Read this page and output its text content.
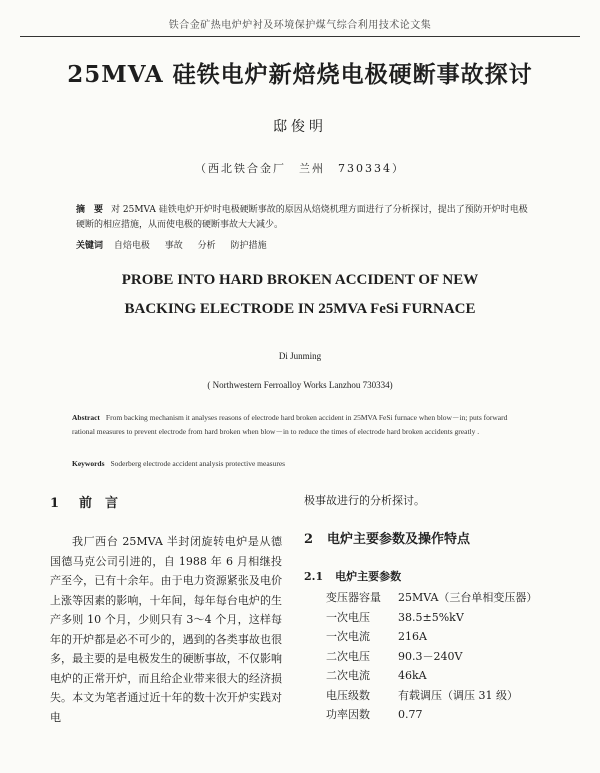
铁合金矿热电炉炉衬及环境保护煤气综合利用技术论文集
25MVA 硅铁电炉新焙烧电极硬断事故探讨
邸俊明
（西北铁合金厂　兰州　730334）
摘　要 对 25MVA 硅铁电炉开炉时电极硬断事故的原因从焙烧机理方面进行了分析探讨，提出了预防开炉时电极硬断的相应措施，从而使电极的硬断事故大大减少。
关键词 自焙电极 事故 分析 防护措施
PROBE INTO HARD BROKEN ACCIDENT OF NEW
BACKING ELECTRODE IN 25MVA FeSi FURNACE
Di Junming
( Northwestern Ferroalloy Works Lanzhou 730334)
Abstract From backing mechanism it analyses reasons of electrode hard broken accident in 25MVA FeSi furnace when blow－in; puts forward rational measures to prevent electrode from hard broken when blow－in to reduce the times of electrode hard broken accidents greatly .
Keywords Soderberg electrode accident analysis protective measures
1 前　言

我厂西台 25MVA 半封闭旋转电炉是从德国德马克公司引进的，自 1988 年 6 月相继投产至今，已有十余年。由于电力资源紧张及电价上涨等因素的影响，十年间，每年每台电炉的生产多则 10 个月，少则只有 3～4 个月，这样每年的开炉都是必不可少的，遇到的各类事故也很多，最主要的是电极发生的硬断事故，不仅影响电炉的正常开炉，而且给企业带来很大的经济损失。本文为笔者通过近十年的数十次开炉实践对电

极事故进行的分析探讨。
2 电炉主要参数及操作特点
2.1 电炉主要参数
变压器容量 25MVA（三台单相变压器）
一次电压	38.5±5%kV
一次电流	216A
二次电压	90.3－240V
二次电流	46kA
电压级数	有载调压（调压 31 级）
功率因数	0.77
